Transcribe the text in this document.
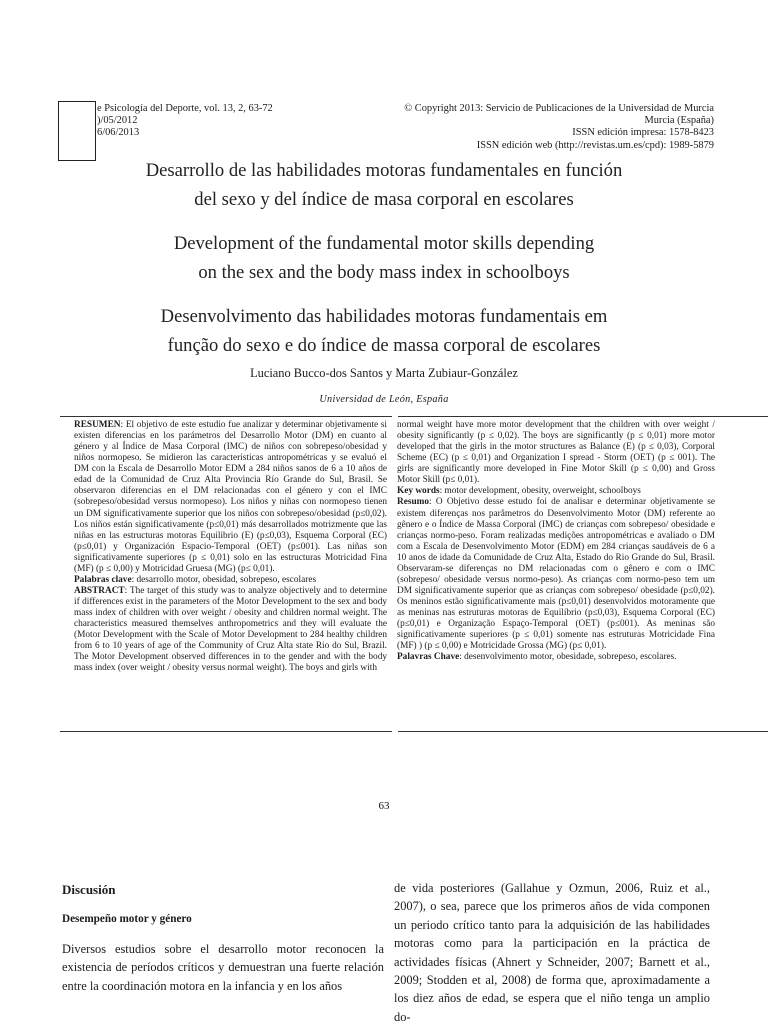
e Psicología del Deporte, vol. 13, 2, 63-72
)/05/2012
6/06/2013
© Copyright 2013: Servicio de Publicaciones de la Universidad de Murcia
Murcia (España)
ISSN edición impresa: 1578-8423
ISSN edición web (http://revistas.um.es/cpd): 1989-5879
Desarrollo de las habilidades motoras fundamentales en función
del sexo y del índice de masa corporal en escolares
Development of the fundamental motor skills depending
on the sex and the body mass index in schoolboys
Desenvolvimento das habilidades motoras fundamentais em
função do sexo e do índice de massa corporal de escolares
Luciano Bucco-dos Santos y Marta Zubiaur-González
Universidad de León, España

RESUMEN: El objetivo de este estudio fue analizar y determinar objetivamente si existen diferencias en los parámetros del Desarrollo Motor (DM) en cuanto al género y al Índice de Masa Corporal (IMC) de niños con sobrepeso/obesidad y niños normopeso. Se midieron las características antropométricas y se evaluó el DM con la Escala de Desarrollo Motor EDM a 284 niños sanos de 6 a 10 años de edad de la Comunidad de Cruz Alta Provincia Río Grande do Sul, Brasil. Se observaron diferencias en el DM relacionadas con el género y con el IMC (sobrepeso/obesidad versus normopeso). Los niños y niñas con normopeso tienen un DM significativamente superior que los niños con sobrepeso/obesidad (p≤0,02). Los niños están significativamente (p≤0,01) más desarrollados motrizmente que las niñas en las estructuras motoras Equilibrio (E) (p≤0,03), Esquema Corporal (EC) (p≤0,01) y Organización Espacio-Temporal (OET) (p≤001). Las niñas son significativamente superiores (p ≤ 0,01) solo en las estructuras Motricidad Fina (MF) (p ≤ 0,00) y Motricidad Gruesa (MG) (p≤ 0,01).

Palabras clave: desarrollo motor, obesidad, sobrepeso, escolares

ABSTRACT: The target of this study was to analyze objectively and to determine if differences exist in the parameters of the Motor Development to the sex and body mass index of children with over weight / obesity and children normal weight. The characteristics measured themselves anthropometrics and they will evaluate the (Motor Development with the Scale of Motor Development to 284 healthy children from 6 to 10 years of age of the Community of Cruz Alta state Rio do Sul, Brazil. The Motor Development observed differences in to the gender and with the body mass index (over weight / obesity versus normal weight). The boys and girls with

normal weight have more motor development that the children with over weight / obesity significantly (p ≤ 0,02). The boys are significantly (p ≤ 0,01) more motor developed that the girls in the motor structures as Balance (E) (p ≤ 0,03), Corporal Scheme (EC) (p ≤ 0,01) and Organization I spread - Storm (OET) (p ≤ 001). The girls are significantly more developed in Fine Motor Skill (p ≤ 0,00) and Gross Motor Skill (p≤ 0,01).

Key words: motor development, obesity, overweight, schoolboys

Resumo: O Objetivo desse estudo foi de analisar e determinar objetivamente se existem diferenças nos parâmetros do Desenvolvimento Motor (DM) referente ao gênero e o Índice de Massa Corporal (IMC) de crianças com sobrepeso/ obesidade e crianças normo-peso. Foram realizadas medições antropométricas e avaliado o DM com a Escala de Desenvolvimento Motor (EDM) em 284 crianças saudáveis de 6 a 10 anos de idade da Comunidade de Cruz Alta, Estado do Rio Grande do Sul, Brasil. Observaram-se diferenças no DM relacionadas com o gênero e com o IMC (sobrepeso/ obesidade versus normo-peso). As crianças com normo-peso tem um DM significativamente superior que as crianças com sobrepeso/ obesidade (p≤0,02). Os meninos estão significativamente mais (p≤0,01) desenvolvidos motoramente que as meninas nas estruturas motoras de Equilíbrio (p≤0,03), Esquema Corporal (EC) (p≤0,01) e Organização Espaço-Temporal (OET) (p≤001). As meninas são significativamente superiores (p ≤ 0,01) somente nas estruturas Motricidade Fina (MF) ) (p ≤ 0,00) e Motricidade Grossa (MG) (p≤ 0,01).

Palavras Chave: desenvolvimento motor, obesidade, sobrepeso, escolares.

63
Discusión
Desempeño motor y género

Diversos estudios sobre el desarrollo motor reconocen la existencia de períodos críticos y demuestran una fuerte relación entre la coordinación motora en la infancia y en los años

de vida posteriores (Gallahue y Ozmun, 2006, Ruiz et al., 2007), o sea, parece que los primeros años de vida componen un periodo crítico tanto para la adquisición de las habilidades motoras como para la participación en la práctica de actividades físicas (Ahnert y Schneider, 2007; Barnett et al., 2009; Stodden et al, 2008) de forma que, aproximadamente a los diez años de edad, se espera que el niño tenga un amplio do-
